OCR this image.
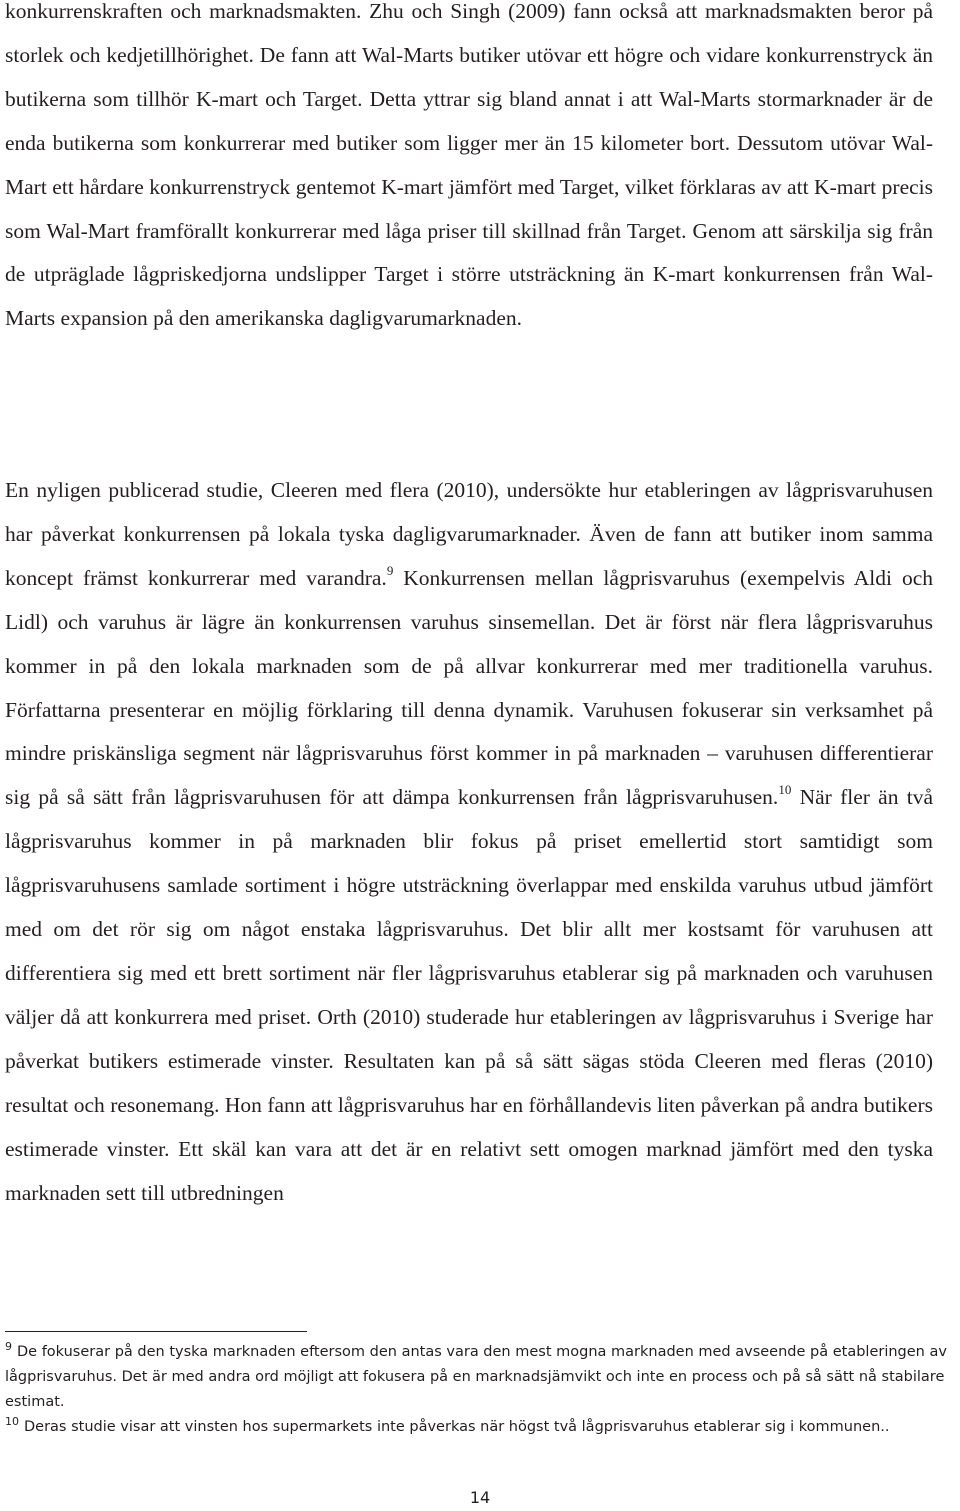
konkurrenskraften och marknadsmakten. Zhu och Singh (2009) fann också att marknadsmakten beror på storlek och kedjetillhörighet. De fann att Wal-Marts butiker utövar ett högre och vidare konkurrenstryck än butikerna som tillhör K-mart och Target. Detta yttrar sig bland annat i att Wal-Marts stormarknader är de enda butikerna som konkurrerar med butiker som ligger mer än 15 kilometer bort. Dessutom utövar Wal-Mart ett hårdare konkurrenstryck gentemot K-mart jämfört med Target, vilket förklaras av att K-mart precis som Wal-Mart framförallt konkurrerar med låga priser till skillnad från Target. Genom att särskilja sig från de utpräglade lågpriskedjorna undslipper Target i större utsträckning än K-mart konkurrensen från Wal-Marts expansion på den amerikanska dagligvarumarknaden.

En nyligen publicerad studie, Cleeren med flera (2010), undersökte hur etableringen av lågprisvaruhusen har påverkat konkurrensen på lokala tyska dagligvarumarknader. Även de fann att butiker inom samma koncept främst konkurrerar med varandra.$^9$ Konkurrensen mellan lågprisvaruhus (exempelvis Aldi och Lidl) och varuhus är lägre än konkurrensen varuhus sinsemellan. Det är först när flera lågprisvaruhus kommer in på den lokala marknaden som de på allvar konkurrerar med mer traditionella varuhus. Författarna presenterar en möjlig förklaring till denna dynamik. Varuhusen fokuserar sin verksamhet på mindre priskänsliga segment när lågprisvaruhus först kommer in på marknaden – varuhusen differentierar sig på så sätt från lågprisvaruhusen för att dämpa konkurrensen från lågprisvaruhusen.$^{10}$ När fler än två lågprisvaruhus kommer in på marknaden blir fokus på priset emellertid stort samtidigt som lågprisvaruhusens samlade sortiment i högre utsträckning överlappar med enskilda varuhus utbud jämfört med om det rör sig om något enstaka lågprisvaruhus. Det blir allt mer kostsamt för varuhusen att differentiera sig med ett brett sortiment när fler lågprisvaruhus etablerar sig på marknaden och varuhusen väljer då att konkurrera med priset. Orth (2010) studerade hur etableringen av lågprisvaruhus i Sverige har påverkat butikers estimerade vinster. Resultaten kan på så sätt sägas stöda Cleeren med fleras (2010) resultat och resonemang. Hon fann att lågprisvaruhus har en förhållandevis liten påverkan på andra butikers estimerade vinster. Ett skäl kan vara att det är en relativt sett omogen marknad jämfört med den tyska marknaden sett till utbredningen

$^9$ De fokuserar på den tyska marknaden eftersom den antas vara den mest mogna marknaden med avseende på etableringen av lågprisvaruhus. Det är med andra ord möjligt att fokusera på en marknadsjämvikt och inte en process och på så sätt nå stabilare estimat.

$^{10}$ Deras studie visar att vinsten hos supermarkets inte påverkas när högst två lågprisvaruhus etablerar sig i kommunen..

14
